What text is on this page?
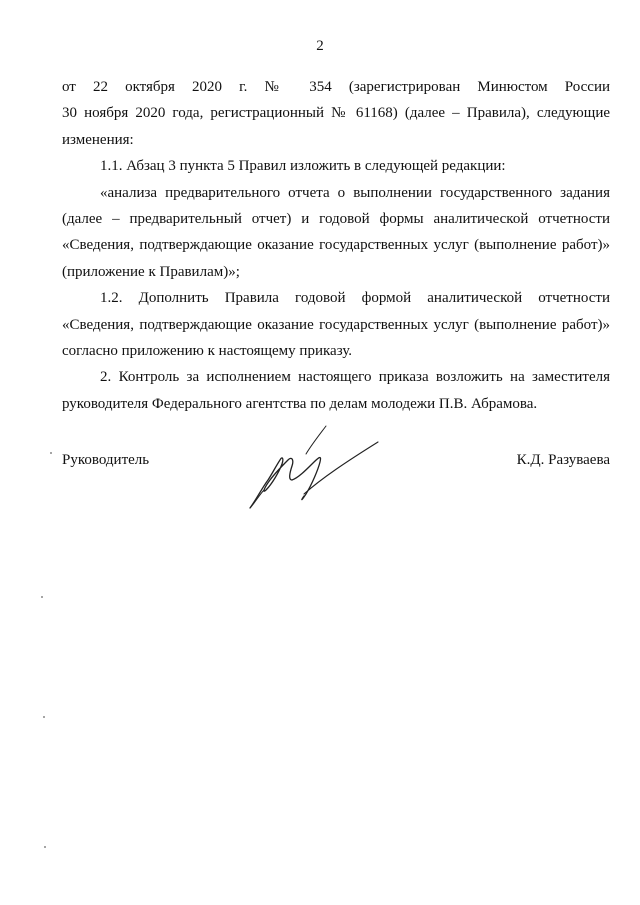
2
от 22 октября 2020 г. № 354 (зарегистрирован Минюстом России
30 ноября 2020 года, регистрационный № 61168) (далее – Правила), следующие
изменения:
1.1. Абзац 3 пункта 5 Правил изложить в следующей редакции:
«анализа предварительного отчета о выполнении государственного задания
(далее – предварительный отчет) и годовой формы аналитической отчетности
«Сведения, подтверждающие оказание государственных услуг (выполнение работ)»
(приложение к Правилам)»;
1.2. Дополнить Правила годовой формой аналитической отчетности
«Сведения, подтверждающие оказание государственных услуг (выполнение работ)»
согласно приложению к настоящему приказу.
2. Контроль за исполнением настоящего приказа возложить на заместителя
руководителя Федерального агентства по делам молодежи П.В. Абрамова.
Руководитель	К.Д. Разуваева
